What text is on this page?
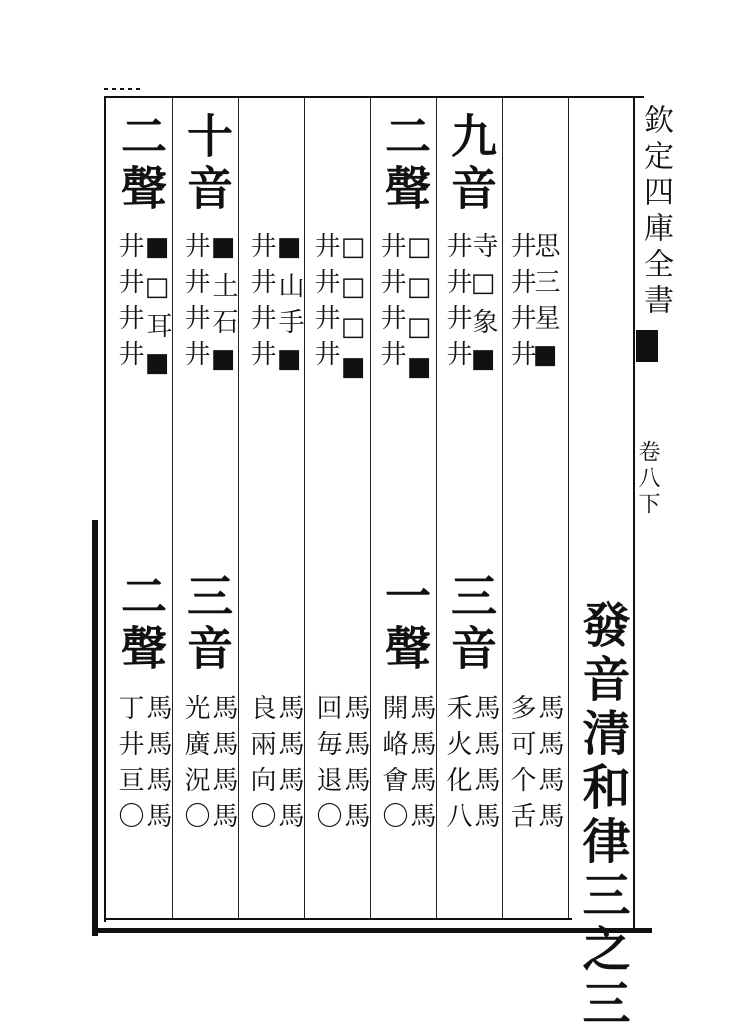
欽定四庫全書
卷八下
發音清和律三之三
思三星■
井井井井
馬馬馬馬
多可个舌
九音
寺□象■
井井井井
三音
馬馬馬馬
禾火化八
二聲
□□□■
井井井井
一聲
馬馬馬馬
開峈㑹〇
□□□■
井井井井
馬馬馬馬
回毎退〇
■山手■
井井井井
馬馬馬馬
良兩向〇
十音
■土石■
井井井井
三音
馬馬馬馬
光廣況〇
二聲
■□耳■
井井井井
二聲
馬馬馬馬
丁井亘〇
